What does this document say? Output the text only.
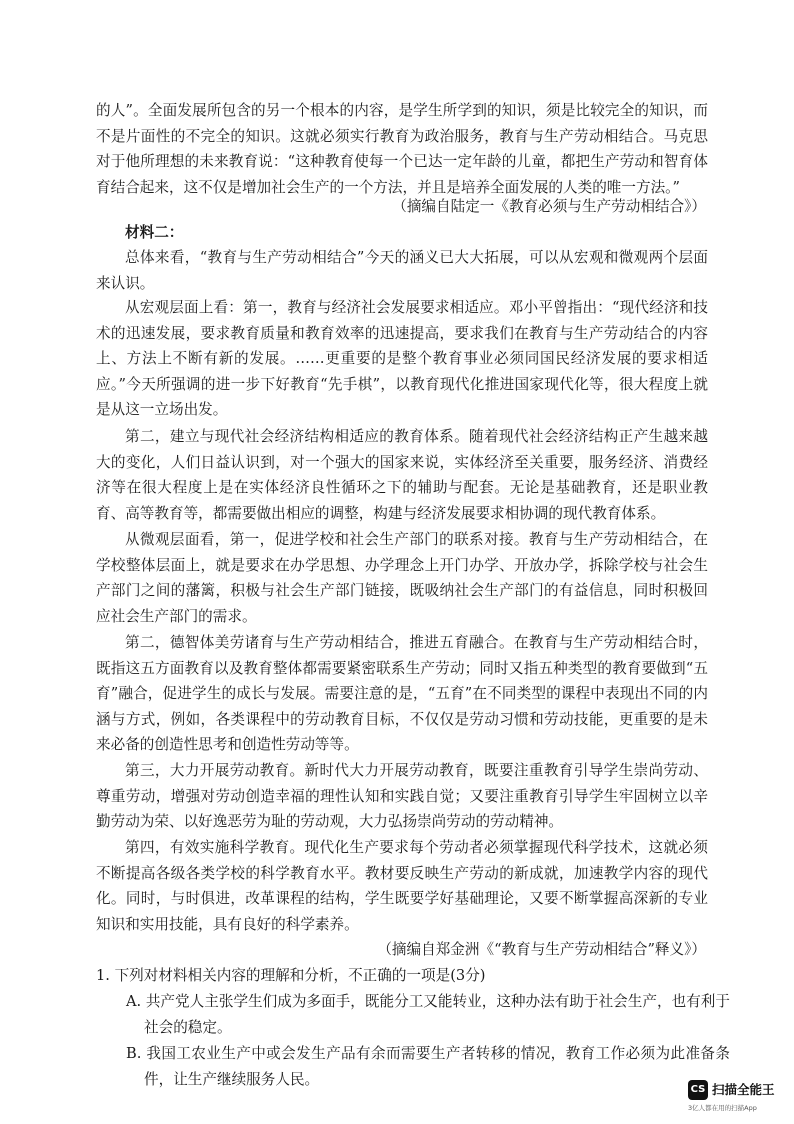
的人”。全面发展所包含的另一个根本的内容，是学生所学到的知识，须是比较完全的知识，而不是片面性的不完全的知识。这就必须实行教育为政治服务，教育与生产劳动相结合。马克思对于他所理想的未来教育说：“这种教育使每一个已达一定年龄的儿童，都把生产劳动和智育体育结合起来，这不仅是增加社会生产的一个方法，并且是培养全面发展的人类的唯一方法。”

（摘编自陆定一《教育必须与生产劳动相结合》）

材料二：

总体来看，“教育与生产劳动相结合”今天的涵义已大大拓展，可以从宏观和微观两个层面来认识。

从宏观层面上看：第一，教育与经济社会发展要求相适应。邓小平曾指出：“现代经济和技术的迅速发展，要求教育质量和教育效率的迅速提高，要求我们在教育与生产劳动结合的内容上、方法上不断有新的发展。……更重要的是整个教育事业必须同国民经济发展的要求相适应。”今天所强调的进一步下好教育“先手棋”，以教育现代化推进国家现代化等，很大程度上就是从这一立场出发。

第二，建立与现代社会经济结构相适应的教育体系。随着现代社会经济结构正产生越来越大的变化，人们日益认识到，对一个强大的国家来说，实体经济至关重要，服务经济、消费经济等在很大程度上是在实体经济良性循环之下的辅助与配套。无论是基础教育，还是职业教育、高等教育等，都需要做出相应的调整，构建与经济发展要求相协调的现代教育体系。

从微观层面看，第一，促进学校和社会生产部门的联系对接。教育与生产劳动相结合，在学校整体层面上，就是要求在办学思想、办学理念上开门办学、开放办学，拆除学校与社会生产部门之间的藩篱，积极与社会生产部门链接，既吸纳社会生产部门的有益信息，同时积极回应社会生产部门的需求。

第二，德智体美劳诸育与生产劳动相结合，推进五育融合。在教育与生产劳动相结合时，既指这五方面教育以及教育整体都需要紧密联系生产劳动；同时又指五种类型的教育要做到“五育”融合，促进学生的成长与发展。需要注意的是，“五育”在不同类型的课程中表现出不同的内涵与方式，例如，各类课程中的劳动教育目标，不仅仅是劳动习惯和劳动技能，更重要的是未来必备的创造性思考和创造性劳动等等。

第三，大力开展劳动教育。新时代大力开展劳动教育，既要注重教育引导学生崇尚劳动、尊重劳动，增强对劳动创造幸福的理性认知和实践自觉；又要注重教育引导学生牢固树立以辛勤劳动为荣、以好逸恶劳为耻的劳动观，大力弘扬崇尚劳动的劳动精神。

第四，有效实施科学教育。现代化生产要求每个劳动者必须掌握现代科学技术，这就必须不断提高各级各类学校的科学教育水平。教材要反映生产劳动的新成就，加速教学内容的现代化。同时，与时俱进，改革课程的结构，学生既要学好基础理论，又要不断掌握高深新的专业知识和实用技能，具有良好的科学素养。

（摘编自郑金洲《“教育与生产劳动相结合”释义》）

1. 下列对材料相关内容的理解和分析，不正确的一项是(3分)

A. 共产党人主张学生们成为多面手，既能分工又能转业，这种办法有助于社会生产，也有利于社会的稳定。

B. 我国工农业生产中或会发生产品有余而需要生产者转移的情况，教育工作必须为此准备条件，让生产继续服务人民。

CS 扫描全能王
3亿人都在用的扫描App
